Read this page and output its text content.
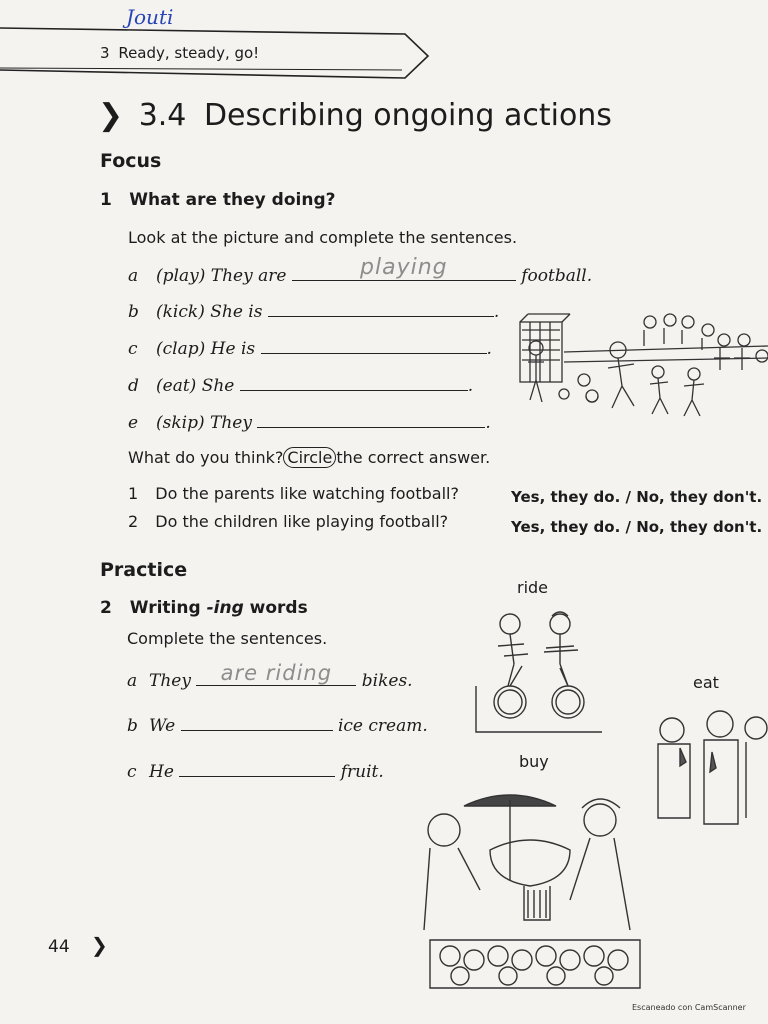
Jouti
3 Ready, steady, go!
❯ 3.4 Describing ongoing actions
Focus
1 What are they doing?
Look at the picture and complete the sentences.
a (play) They are	playing	football.
b (kick) She is	.
c (clap) He is	.
d (eat) She	.
e (skip) They	.
What do you think? Circle the correct answer.
1 Do the parents like watching football?	Yes, they do. / No, they don't.
2 Do the children like playing football?	Yes, they do. / No, they don't.
Practice
2 Writing -ing words
Complete the sentences.
a They	are riding	bikes.
b We	ice cream.
c He	fruit.
ride
eat
buy
44 ❯
Escaneado con CamScanner
